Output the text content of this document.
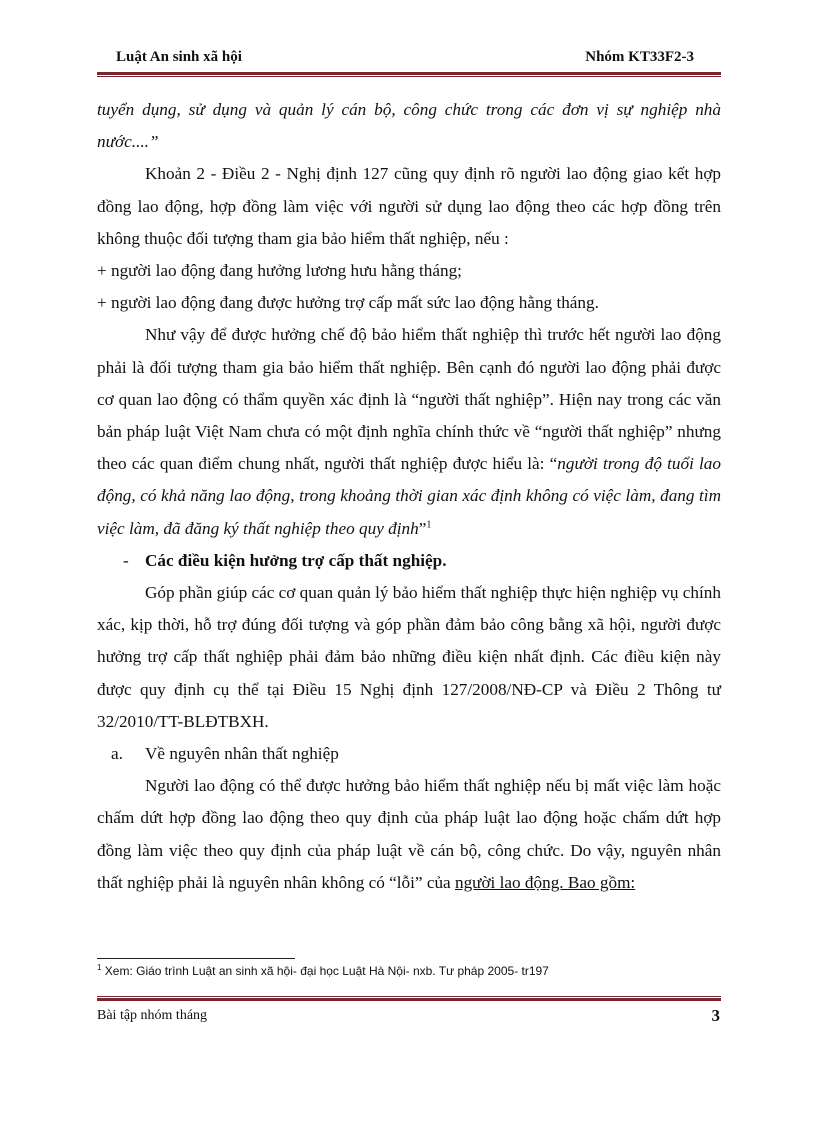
Luật An sinh xã hội	Nhóm KT33F2-3

tuyển dụng, sử dụng và quản lý cán bộ, công chức trong các đơn vị sự nghiệp nhà nước....”

Khoản 2 - Điều 2 - Nghị định 127 cũng quy định rõ người lao động giao kết hợp đồng lao động, hợp đồng làm việc với người sử dụng lao động theo các hợp đồng trên không thuộc đối tượng tham gia bảo hiểm thất nghiệp, nếu :

+ người lao động đang hưởng lương hưu hằng tháng;

+ người lao động đang được hưởng trợ cấp mất sức lao động hằng tháng.

Như vậy để được hưởng chế độ bảo hiểm thất nghiệp thì trước hết người lao động phải là đối tượng tham gia bảo hiểm thất nghiệp. Bên cạnh đó người lao động phải được cơ quan lao động có thẩm quyền xác định là “người thất nghiệp”. Hiện nay trong các văn bản pháp luật Việt Nam chưa có một định nghĩa chính thức về “người thất nghiệp” nhưng theo các quan điểm chung nhất, người thất nghiệp được hiểu là: “người trong độ tuổi lao động, có khả năng lao động, trong khoảng thời gian xác định không có việc làm, đang tìm việc làm, đã đăng ký thất nghiệp theo quy định”$^1$

- Các điều kiện hưởng trợ cấp thất nghiệp.

Góp phần giúp các cơ quan quản lý bảo hiểm thất nghiệp thực hiện nghiệp vụ chính xác, kịp thời, hỗ trợ đúng đối tượng và góp phần đảm bảo công bằng xã hội, người được hưởng trợ cấp thất nghiệp phải đảm bảo những điều kiện nhất định. Các điều kiện này được quy định cụ thể tại Điều 15 Nghị định 127/2008/NĐ-CP và Điều 2 Thông tư 32/2010/TT-BLĐTBXH.

a. Về nguyên nhân thất nghiệp

Người lao động có thể được hưởng bảo hiểm thất nghiệp nếu bị mất việc làm hoặc chấm dứt hợp đồng lao động theo quy định của pháp luật lao động hoặc chấm dứt hợp đồng làm việc theo quy định của pháp luật về cán bộ, công chức. Do vậy, nguyên nhân thất nghiệp phải là nguyên nhân không có “lỗi” của người lao động. Bao gồm:

$^1$ Xem: Giáo trình Luật an sinh xã hội- đại học Luật Hà Nội- nxb. Tư pháp 2005- tr197
Bài tập nhóm tháng	3
